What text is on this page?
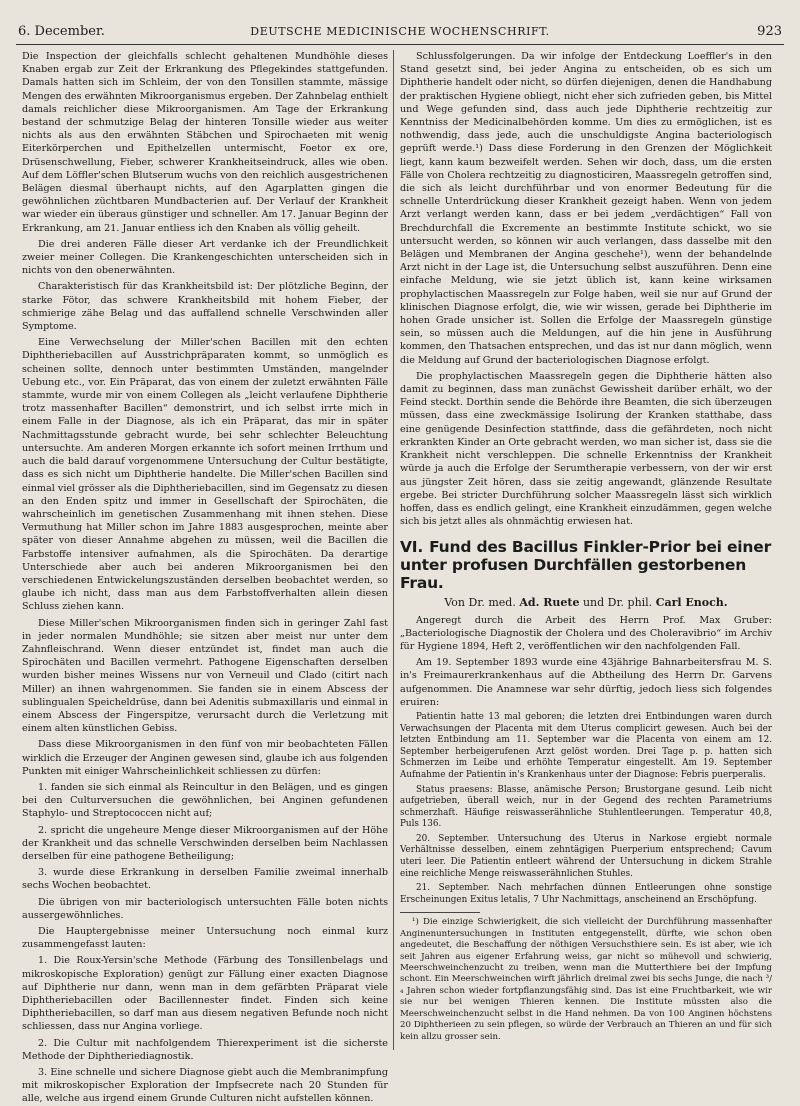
6. December.	DEUTSCHE MEDICINISCHE WOCHENSCHRIFT.	923

Die Inspection der gleichfalls schlecht gehaltenen Mundhöhle dieses Knaben ergab zur Zeit der Erkrankung des Pflegekindes stattgefunden. Damals hatten sich im Schleim, der von den Tonsillen stammte, mässige Mengen des erwähnten Mikroorganismus ergeben. Der Zahnbelag enthielt damals reichlicher diese Mikroorganismen. Am Tage der Erkrankung bestand der schmutzige Belag der hinteren Tonsille wieder aus weiter nichts als aus den erwähnten Stäbchen und Spirochaeten mit wenig Eiterkörperchen und Epithelzellen untermischt, Foetor ex ore, Drüsenschwellung, Fieber, schwerer Krankheitseindruck, alles wie oben. Auf dem Löffler'schen Blutserum wuchs von den reichlich ausgestrichenen Belägen diesmal überhaupt nichts, auf den Agarplatten gingen die gewöhnlichen züchtbaren Mundbacterien auf. Der Verlauf der Krankheit war wieder ein überaus günstiger und schneller. Am 17. Januar Beginn der Erkrankung, am 21. Januar entliess ich den Knaben als völlig geheilt.

Die drei anderen Fälle dieser Art verdanke ich der Freundlichkeit zweier meiner Collegen. Die Krankengeschichten unterscheiden sich in nichts von den obenerwähnten.

Charakteristisch für das Krankheitsbild ist: Der plötzliche Beginn, der starke Fötor, das schwere Krankheitsbild mit hohem Fieber, der schmierige zähe Belag und das auffallend schnelle Verschwinden aller Symptome.

Eine Verwechselung der Miller'schen Bacillen mit den echten Diphtheriebacillen auf Ausstrichpräparaten kommt, so unmöglich es scheinen sollte, dennoch unter bestimmten Umständen, mangelnder Uebung etc., vor. Ein Präparat, das von einem der zuletzt erwähnten Fälle stammte, wurde mir von einem Collegen als „leicht verlaufene Diphtherie trotz massenhafter Bacillen“ demonstrirt, und ich selbst irrte mich in einem Falle in der Diagnose, als ich ein Präparat, das mir in später Nachmittagsstunde gebracht wurde, bei sehr schlechter Beleuchtung untersuchte. Am anderen Morgen erkannte ich sofort meinen Irrthum und auch die bald darauf vorgenommene Untersuchung der Cultur bestätigte, dass es sich nicht um Diphtherie handelte. Die Miller'schen Bacillen sind einmal viel grösser als die Diphtheriebacillen, sind im Gegensatz zu diesen an den Enden spitz und immer in Gesellschaft der Spirochäten, die wahrscheinlich im genetischen Zusammenhang mit ihnen stehen. Diese Vermuthung hat Miller schon im Jahre 1883 ausgesprochen, meinte aber später von dieser Annahme abgehen zu müssen, weil die Bacillen die Farbstoffe intensiver aufnahmen, als die Spirochäten. Da derartige Unterschiede aber auch bei anderen Mikroorganismen bei den verschiedenen Entwickelungszuständen derselben beobachtet werden, so glaube ich nicht, dass man aus dem Farbstoffverhalten allein diesen Schluss ziehen kann.

Diese Miller'schen Mikroorganismen finden sich in geringer Zahl fast in jeder normalen Mundhöhle; sie sitzen aber meist nur unter dem Zahnfleischrand. Wenn dieser entzündet ist, findet man auch die Spirochäten und Bacillen vermehrt. Pathogene Eigenschaften derselben wurden bisher meines Wissens nur von Verneuil und Clado (citirt nach Miller) an ihnen wahrgenommen. Sie fanden sie in einem Abscess der sublingualen Speicheldrüse, dann bei Adenitis submaxillaris und einmal in einem Abscess der Fingerspitze, verursacht durch die Verletzung mit einem alten künstlichen Gebiss.

Dass diese Mikroorganismen in den fünf von mir beobachteten Fällen wirklich die Erzeuger der Anginen gewesen sind, glaube ich aus folgenden Punkten mit einiger Wahrscheinlichkeit schliessen zu dürfen:

1. fanden sie sich einmal als Reincultur in den Belägen, und es gingen bei den Culturversuchen die gewöhnlichen, bei Anginen gefundenen Staphylo- und Streptococcen nicht auf;

2. spricht die ungeheure Menge dieser Mikroorganismen auf der Höhe der Krankheit und das schnelle Verschwinden derselben beim Nachlassen derselben für eine pathogene Betheiligung;

3. wurde diese Erkrankung in derselben Familie zweimal innerhalb sechs Wochen beobachtet.

Die übrigen von mir bacteriologisch untersuchten Fälle boten nichts aussergewöhnliches.

Die Hauptergebnisse meiner Untersuchung noch einmal kurz zusammengefasst lauten:

1. Die Roux-Yersin'sche Methode (Färbung des Tonsillenbelags und mikroskopische Exploration) genügt zur Fällung einer exacten Diagnose auf Diphtherie nur dann, wenn man in dem gefärbten Präparat viele Diphtheriebacillen oder Bacillennester findet. Finden sich keine Diphtheriebacillen, so darf man aus diesem negativen Befunde noch nicht schliessen, dass nur Angina vorliege.

2. Die Cultur mit nachfolgendem Thierexperiment ist die sicherste Methode der Diphtheriediagnostik.

3. Eine schnelle und sichere Diagnose giebt auch die Membranimpfung mit mikroskopischer Exploration der Impfsecrete nach 20 Stunden für alle, welche aus irgend einem Grunde Culturen nicht aufstellen können.

Schlussfolgerungen. Da wir infolge der Entdeckung Loeffler's in den Stand gesetzt sind, bei jeder Angina zu entscheiden, ob es sich um Diphtherie handelt oder nicht, so dürfen diejenigen, denen die Handhabung der praktischen Hygiene obliegt, nicht eher sich zufrieden geben, bis Mittel und Wege gefunden sind, dass auch jede Diphtherie rechtzeitig zur Kenntniss der Medicinalbehörden komme. Um dies zu ermöglichen, ist es nothwendig, dass jede, auch die unschuldigste Angina bacteriologisch geprüft werde.¹) Dass diese Forderung in den Grenzen der Möglichkeit liegt, kann kaum bezweifelt werden. Sehen wir doch, dass, um die ersten Fälle von Cholera rechtzeitig zu diagnosticiren, Maassregeln getroffen sind, die sich als leicht durchführbar und von enormer Bedeutung für die schnelle Unterdrückung dieser Krankheit gezeigt haben. Wenn von jedem Arzt verlangt werden kann, dass er bei jedem „verdächtigen“ Fall von Brechdurchfall die Excremente an bestimmte Institute schickt, wo sie untersucht werden, so können wir auch verlangen, dass dasselbe mit den Belägen und Membranen der Angina geschehe¹), wenn der behandelnde Arzt nicht in der Lage ist, die Untersuchung selbst auszuführen. Denn eine einfache Meldung, wie sie jetzt üblich ist, kann keine wirksamen prophylactischen Maassregeln zur Folge haben, weil sie nur auf Grund der klinischen Diagnose erfolgt, die, wie wir wissen, gerade bei Diphtherie im hohen Grade unsicher ist. Sollen die Erfolge der Maassregeln günstige sein, so müssen auch die Meldungen, auf die hin jene in Ausführung kommen, den Thatsachen entsprechen, und das ist nur dann möglich, wenn die Meldung auf Grund der bacteriologischen Diagnose erfolgt.

Die prophylactischen Maassregeln gegen die Diphtherie hätten also damit zu beginnen, dass man zunächst Gewissheit darüber erhält, wo der Feind steckt. Dorthin sende die Behörde ihre Beamten, die sich überzeugen müssen, dass eine zweckmässige Isolirung der Kranken statthabe, dass eine genügende Desinfection stattfinde, dass die gefährdeten, noch nicht erkrankten Kinder an Orte gebracht werden, wo man sicher ist, dass sie die Krankheit nicht verschleppen. Die schnelle Erkenntniss der Krankheit würde ja auch die Erfolge der Serumtherapie verbessern, von der wir erst aus jüngster Zeit hören, dass sie zeitig angewandt, glänzende Resultate ergebe. Bei stricter Durchführung solcher Maassregeln lässt sich wirklich hoffen, dass es endlich gelingt, eine Krankheit einzudämmen, gegen welche sich bis jetzt alles als ohnmächtig erwiesen hat.

VI. Fund des Bacillus Finkler-Prior bei einer unter profusen Durchfällen gestorbenen Frau.
Von Dr. med. Ad. Ruete und Dr. phil. Carl Enoch.

Angeregt durch die Arbeit des Herrn Prof. Max Gruber: „Bacteriologische Diagnostik der Cholera und des Choleravibrio“ im Archiv für Hygiene 1894, Heft 2, veröffentlichen wir den nachfolgenden Fall.

Am 19. September 1893 wurde eine 43jährige Bahnarbeitersfrau M. S. in's Freimaurerkrankenhaus auf die Abtheilung des Herrn Dr. Garvens aufgenommen. Die Anamnese war sehr dürftig, jedoch liess sich folgendes eruiren:

Patientin hatte 13 mal geboren; die letzten drei Entbindungen waren durch Verwachsungen der Placenta mit dem Uterus complicirt gewesen. Auch bei der letzten Entbindung am 11. September war die Placenta von einem am 12. September herbeigerufenen Arzt gelöst worden. Drei Tage p. p. hatten sich Schmerzen im Leibe und erhöhte Temperatur eingestellt. Am 19. September Aufnahme der Patientin in's Krankenhaus unter der Diagnose: Febris puerperalis.

Status praesens: Blasse, anämische Person; Brustorgane gesund. Leib nicht aufgetrieben, überall weich, nur in der Gegend des rechten Parametriums schmerzhaft. Häufige reiswasserähnliche Stuhlentleerungen. Temperatur 40,8, Puls 136.

20. September. Untersuchung des Uterus in Narkose ergiebt normale Verhältnisse desselben, einem zehntägigen Puerperium entsprechend; Cavum uteri leer. Die Patientin entleert während der Untersuchung in dickem Strahle eine reichliche Menge reiswasserähnlichen Stuhles.

21. September. Nach mehrfachen dünnen Entleerungen ohne sonstige Erscheinungen Exitus letalis, 7 Uhr Nachmittags, anscheinend an Erschöpfung.

¹) Die einzige Schwierigkeit, die sich vielleicht der Durchführung massenhafter Anginenuntersuchungen in Instituten entgegenstellt, dürfte, wie schon oben angedeutet, die Beschaffung der nöthigen Versuchsthiere sein. Es ist aber, wie ich seit Jahren aus eigener Erfahrung weiss, gar nicht so mühevoll und schwierig, Meerschweinchenzucht zu treiben, wenn man die Mutterthiere bei der Impfung schont. Ein Meerschweinchen wirft jährlich dreimal zwei bis sechs Junge, die nach ³/₄ Jahren schon wieder fortpflanzungsfähig sind. Das ist eine Fruchtbarkeit, wie wir sie nur bei wenigen Thieren kennen. Die Institute müssten also die Meerschweinchenzucht selbst in die Hand nehmen. Da von 100 Anginen höchstens 20 Diphtherieen zu sein pflegen, so würde der Verbrauch an Thieren an und für sich kein allzu grosser sein.
